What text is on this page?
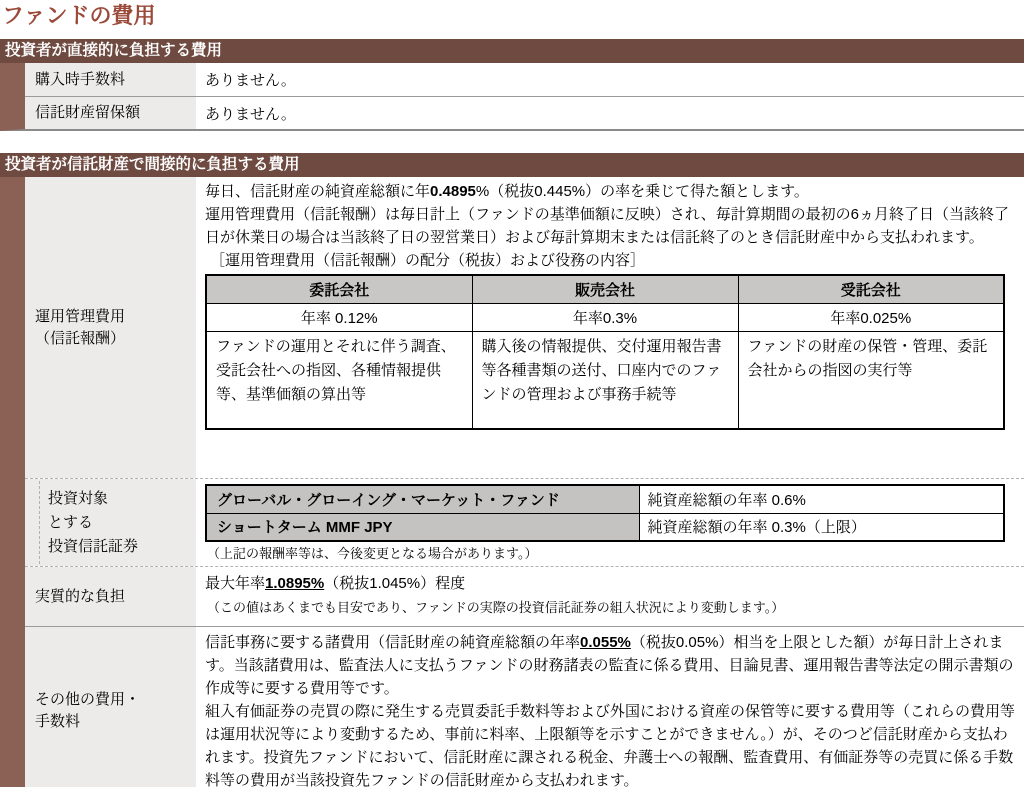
ファンドの費用
投資者が直接的に負担する費用
購入時手数料	ありません。
信託財産留保額	ありません。
投資者が信託財産で間接的に負担する費用
運用管理費用
（信託報酬）

毎日、信託財産の純資産総額に年0.4895%（税抜0.445%）の率を乗じて得た額とします。

運用管理費用（信託報酬）は毎日計上（ファンドの基準価額に反映）され、毎計算期間の最初の6ヵ月終了日（当該終了日が休業日の場合は当該終了日の翌営業日）および毎計算期末または信託終了のとき信託財産中から支払われます。

［運用管理費用（信託報酬）の配分（税抜）および役務の内容］

委託会社	販売会社	受託会社
年率 0.12%	年率0.3%	年率0.025%
ファンドの運用とそれに伴う調査、受託会社への指図、各種情報提供等、基準価額の算出等	購入後の情報提供、交付運用報告書等各種書類の送付、口座内でのファンドの管理および事務手続等	ファンドの財産の保管・管理、委託会社からの指図の実行等
投資対象
とする
投資信託証券
グローバル・グローイング・マーケット・ファンド	純資産総額の年率 0.6%
ショートターム MMF JPY	純資産総額の年率 0.3%（上限）
（上記の報酬率等は、今後変更となる場合があります。）
実質的な負担

最大年率1.0895%（税抜1.045%）程度

（この値はあくまでも目安であり、ファンドの実際の投資信託証券の組入状況により変動します。）
その他の費用・
手数料

信託事務に要する諸費用（信託財産の純資産総額の年率0.055%（税抜0.05%）相当を上限とした額）が毎日計上されます。当該諸費用は、監査法人に支払うファンドの財務諸表の監査に係る費用、目論見書、運用報告書等法定の開示書類の作成等に要する費用等です。

組入有価証券の売買の際に発生する売買委託手数料等および外国における資産の保管等に要する費用等（これらの費用等は運用状況等により変動するため、事前に料率、上限額等を示すことができません。）が、そのつど信託財産から支払われます。投資先ファンドにおいて、信託財産に課される税金、弁護士への報酬、監査費用、有価証券等の売買に係る手数料等の費用が当該投資先ファンドの信託財産から支払われます。
